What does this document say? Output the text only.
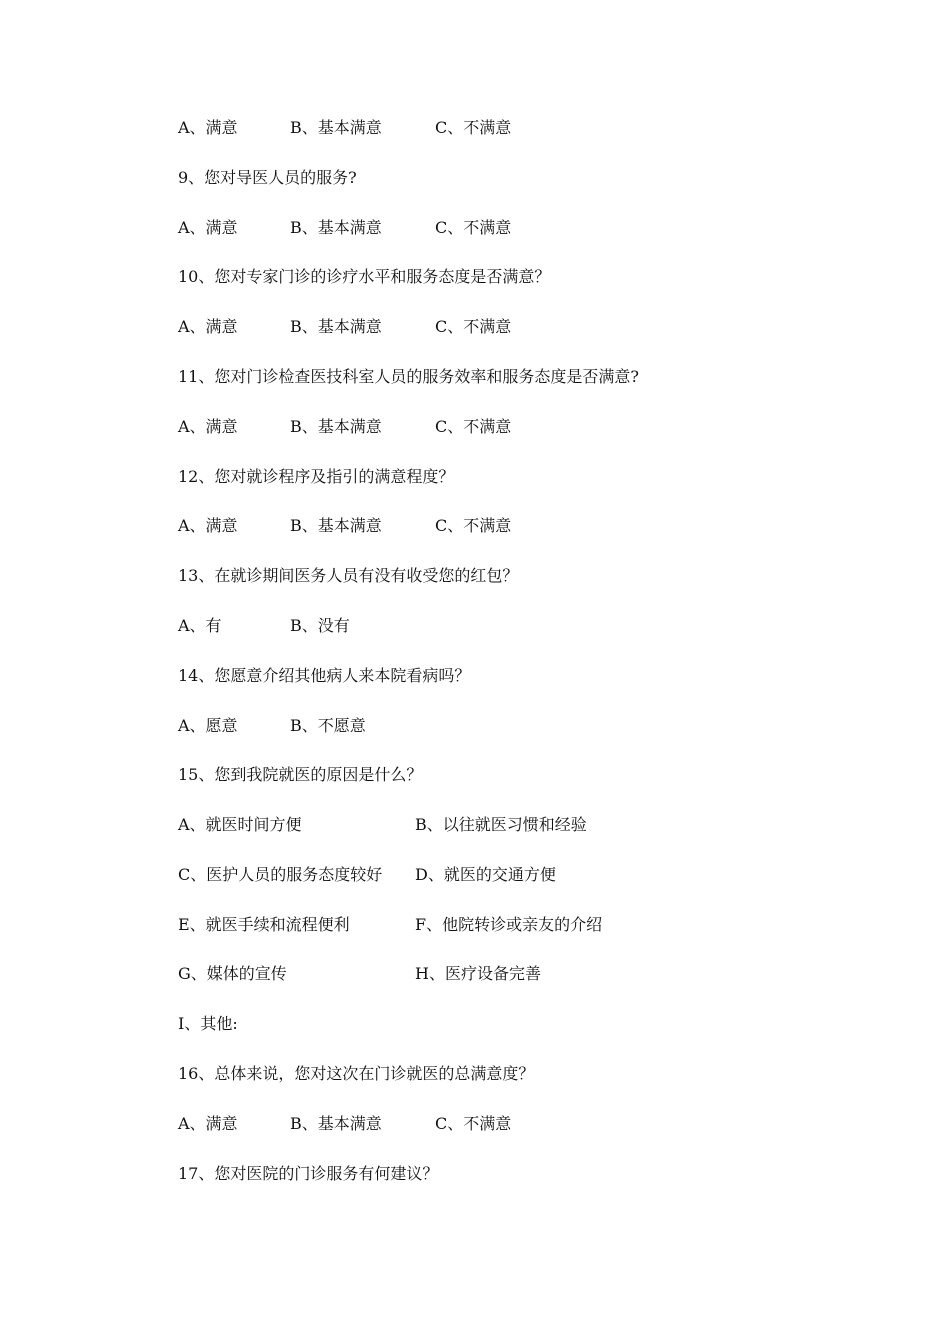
A、满意	B、基本满意	C、不满意
9、您对导医人员的服务?
A、满意	B、基本满意	C、不满意
10、您对专家门诊的诊疗水平和服务态度是否满意？
A、满意	B、基本满意	C、不满意
11、您对门诊检查医技科室人员的服务效率和服务态度是否满意?
A、满意	B、基本满意	C、不满意
12、您对就诊程序及指引的满意程度？
A、满意	B、基本满意	C、不满意
13、在就诊期间医务人员有没有收受您的红包？
A、有	B、没有
14、您愿意介绍其他病人来本院看病吗？
A、愿意	B、不愿意
15、您到我院就医的原因是什么？
A、就医时间方便	B、以往就医习惯和经验
C、医护人员的服务态度较好 D、就医的交通方便
E、就医手续和流程便利	F、他院转诊或亲友的介绍
G、媒体的宣传	H、医疗设备完善
I、其他:
16、总体来说，您对这次在门诊就医的总满意度？
A、满意	B、基本满意	C、不满意
17、您对医院的门诊服务有何建议？
